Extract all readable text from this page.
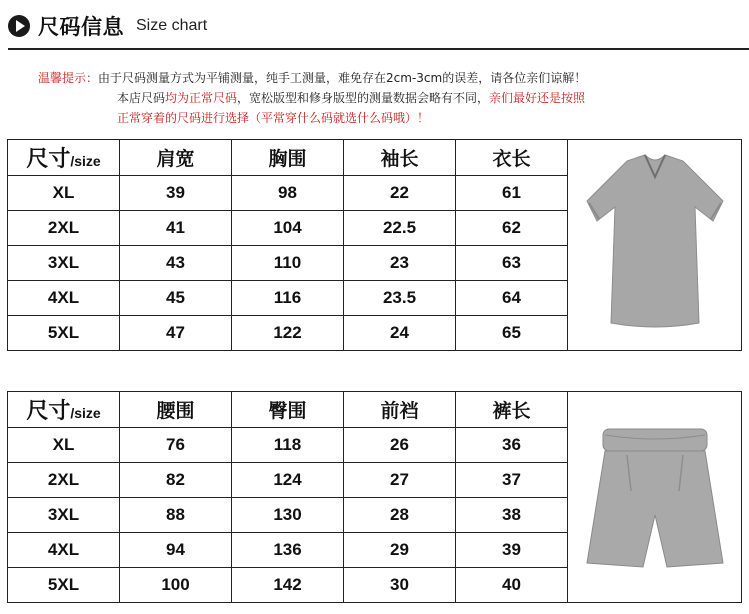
尺码信息 Size chart
温馨提示：由于尺码测量方式为平铺测量，纯手工测量，难免存在2cm-3cm的误差，请各位亲们谅解！
本店尺码均为正常尺码，宽松版型和修身版型的测量数据会略有不同，亲们最好还是按照
正常穿着的尺码进行选择（平常穿什么码就选什么码哦）！
尺寸/size	肩宽	胸围	袖长	衣长	
XL	39	98	22	61	
2XL	41	104	22.5	62	
3XL	43	110	23	63	
4XL	45	116	23.5	64	
5XL	47	122	24	65	
尺寸/size	腰围	臀围	前裆	裤长	
XL	76	118	26	36	
2XL	82	124	27	37	
3XL	88	130	28	38	
4XL	94	136	29	39	
5XL	100	142	30	40	
